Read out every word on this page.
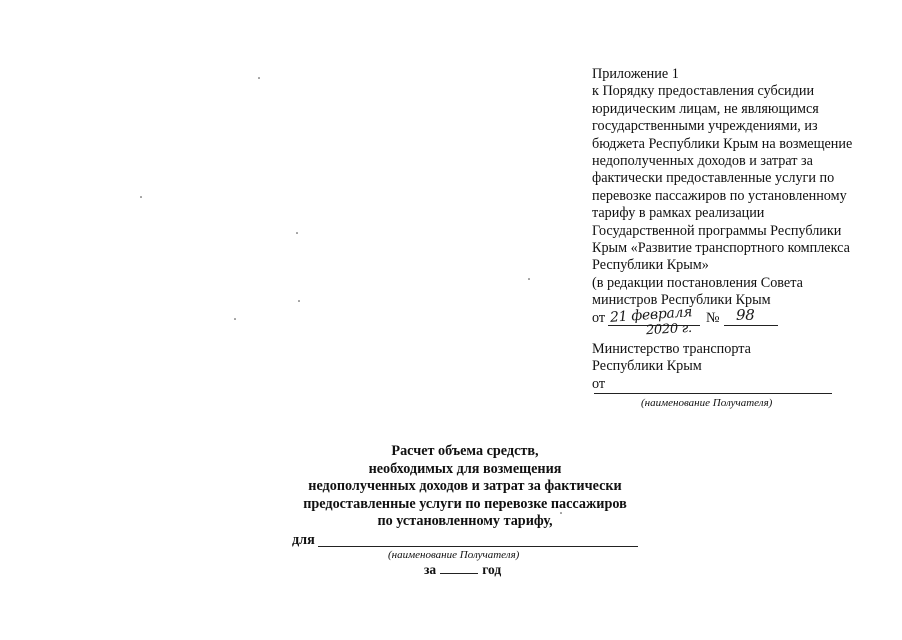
Приложение 1
к Порядку предоставления субсидии
юридическим лицам, не являющимся
государственными учреждениями, из
бюджета Республики Крым на возмещение
недополученных доходов и затрат за
фактически предоставленные услуги по
перевозке пассажиров по установленному
тарифу в рамках реализации
Государственной программы Республики
Крым «Развитие транспортного комплекса
Республики Крым»
(в редакции постановления Совета
министров Республики Крым
от 21 февраля
2020 г.
№ 98
Министерство транспорта
Республики Крым
от
(наименование Получателя)
Расчет объема средств,
необходимых для возмещения
недополученных доходов и затрат за фактически
предоставленные услуги по перевозке пассажиров
по установленному тарифу,
для
(наименование Получателя)
за	год
